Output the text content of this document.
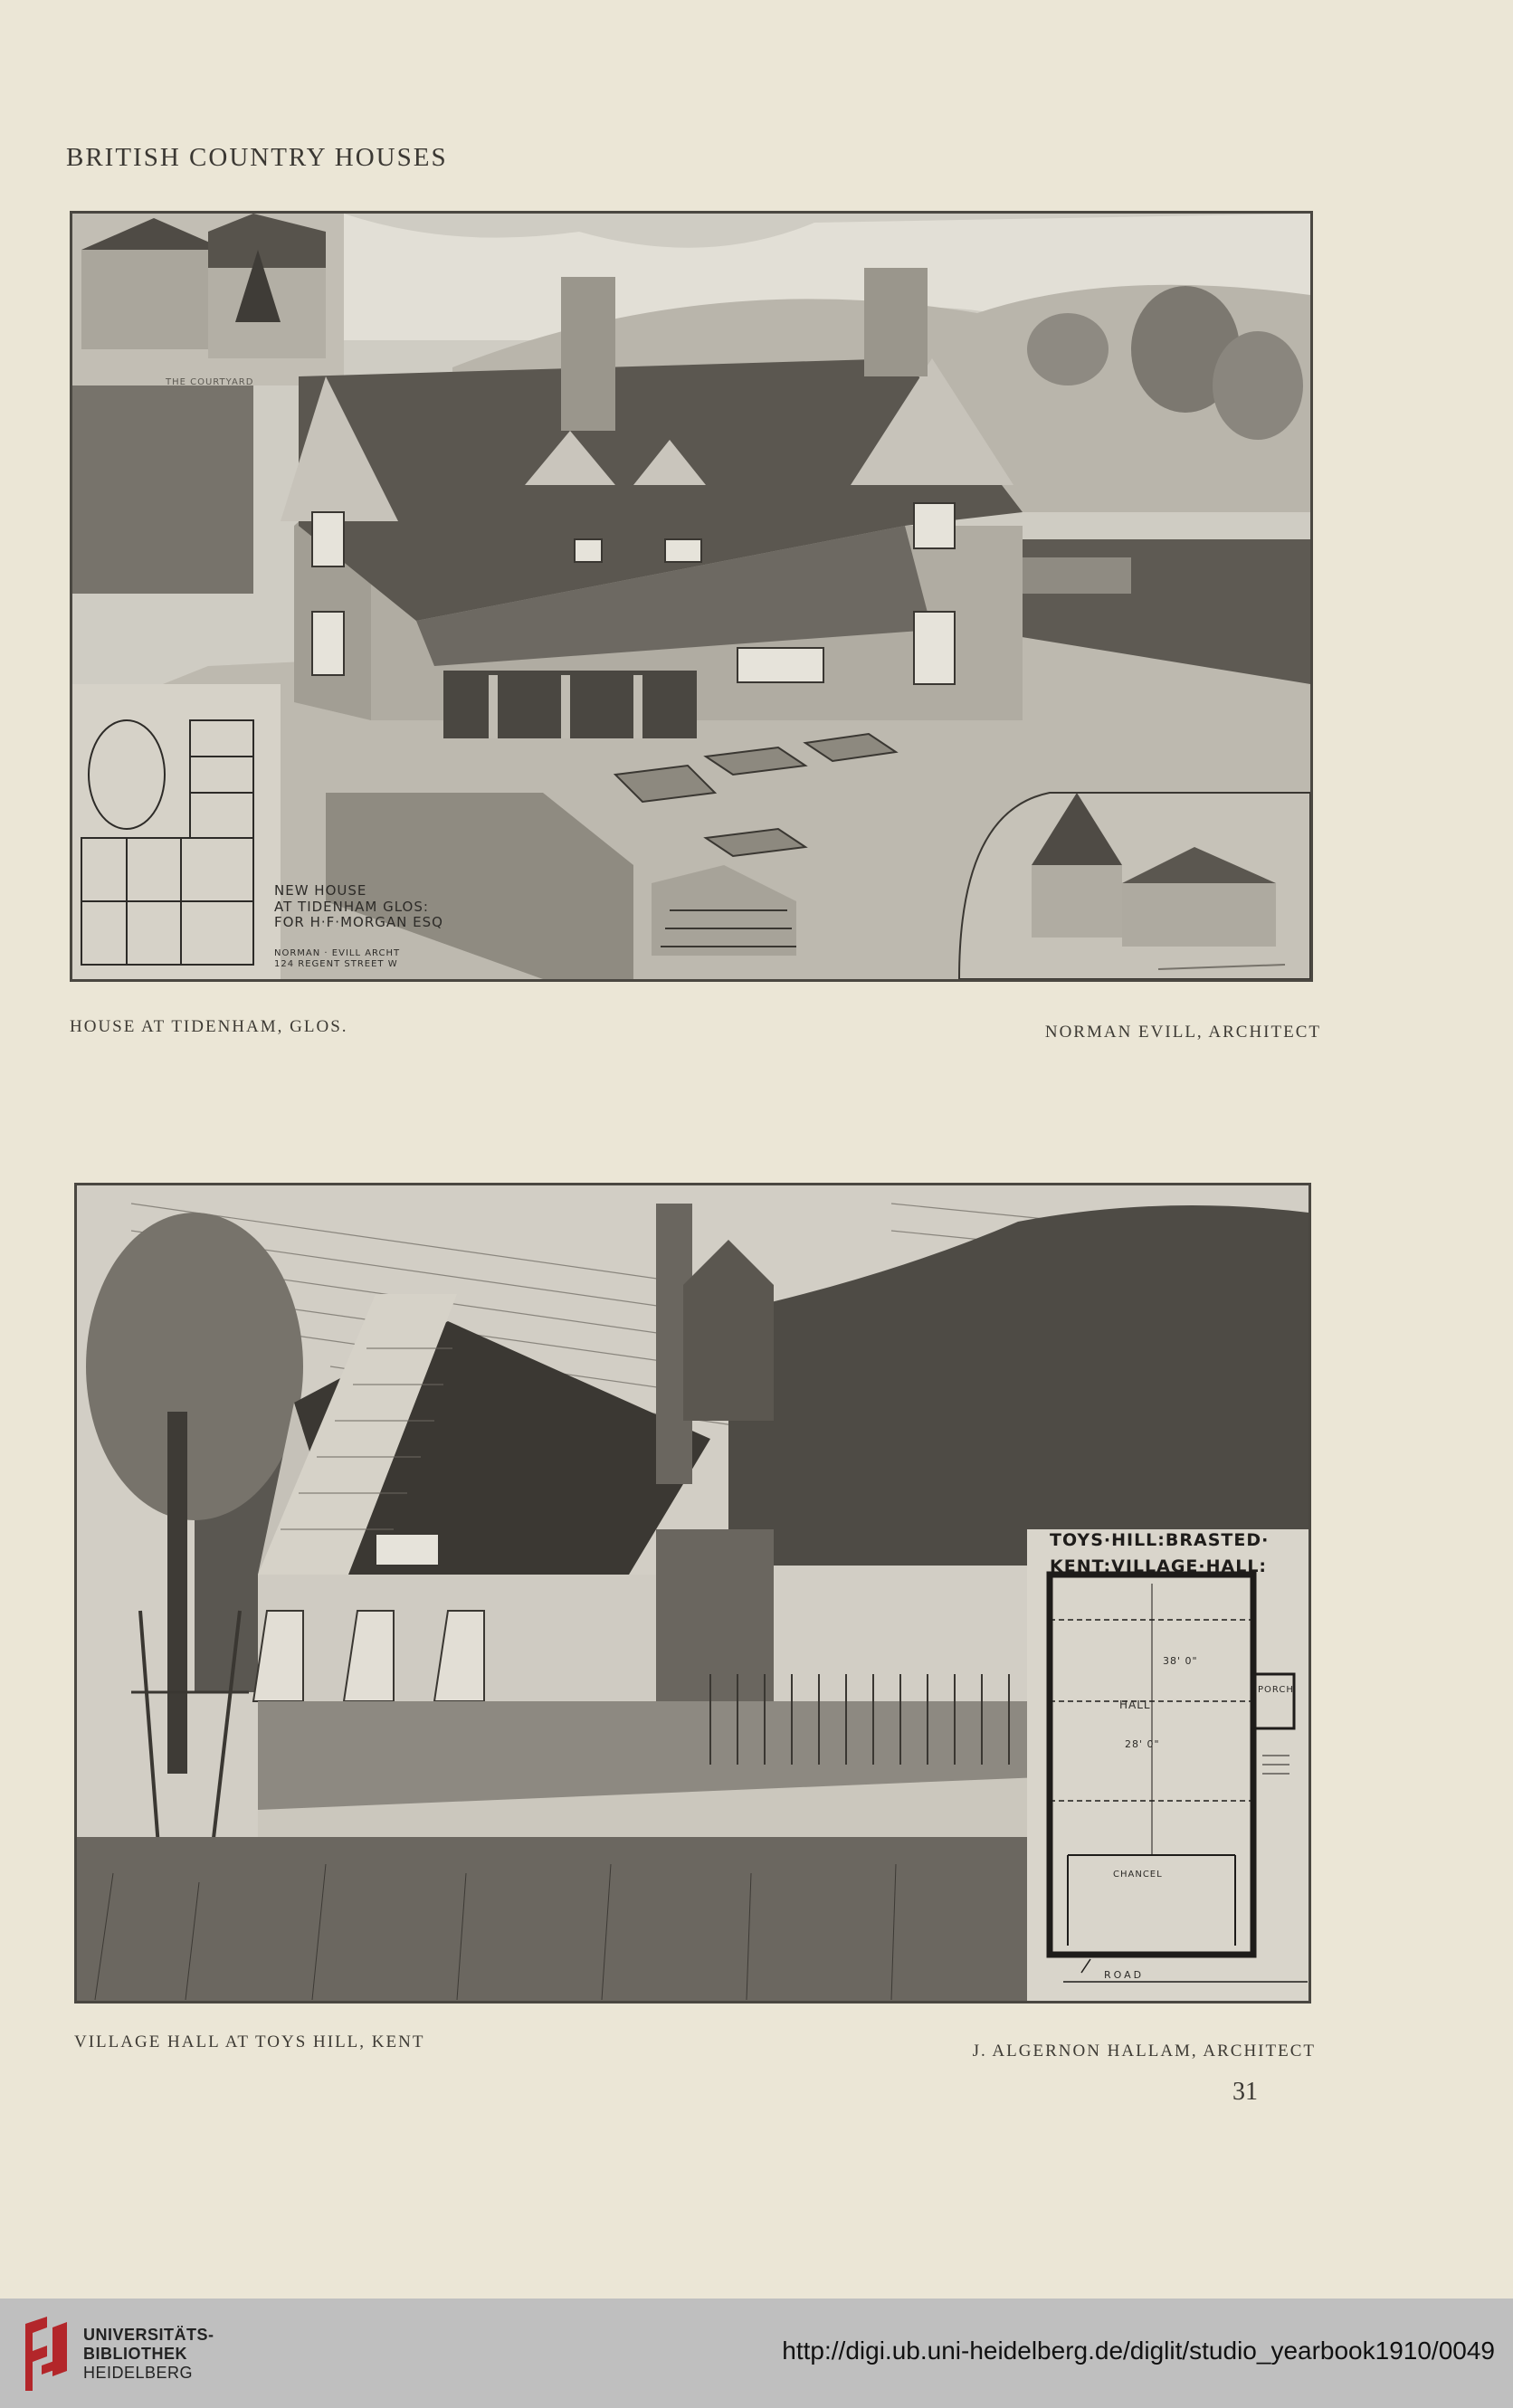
BRITISH COUNTRY HOUSES
THE COURTYARD
NEW HOUSE
AT TIDENHAM GLOS:
FOR H·F·MORGAN ESQ
NORMAN · EVILL ARCHT
124 REGENT STREET W
HOUSE AT TIDENHAM, GLOS.	NORMAN EVILL, ARCHITECT
TOYS·HILL:BRASTED·
KENT:VILLAGE·HALL:
HALL
PORCH
CHANCEL
38' 0"
28' 0"
ROAD
VILLAGE HALL AT TOYS HILL, KENT	J. ALGERNON HALLAM, ARCHITECT
31
UNIVERSITÄTS-
BIBLIOTHEK
HEIDELBERG
http://digi.ub.uni-heidelberg.de/diglit/studio_yearbook1910/0049
